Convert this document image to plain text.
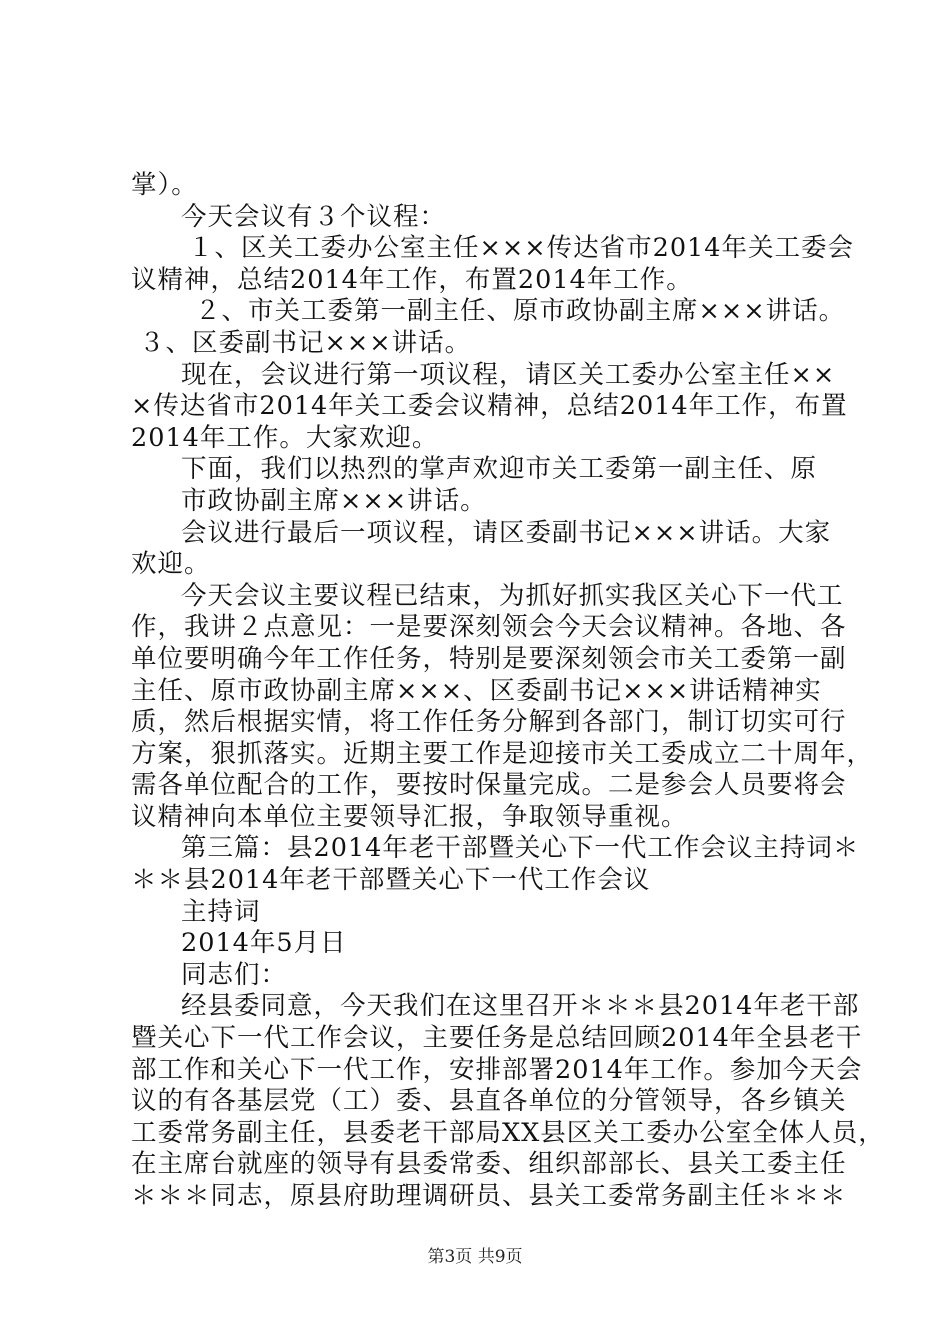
掌）。
今天会议有３个议程：
１、区关工委办公室主任×××传达省市2014年关工委会
议精神，总结2014年工作，布置2014年工作。
２、市关工委第一副主任、原市政协副主席×××讲话。
３、区委副书记×××讲话。
现在，会议进行第一项议程，请区关工委办公室主任××
×传达省市2014年关工委会议精神，总结2014年工作，布置
2014年工作。大家欢迎。
下面，我们以热烈的掌声欢迎市关工委第一副主任、原
市政协副主席×××讲话。
会议进行最后一项议程，请区委副书记×××讲话。大家
欢迎。
今天会议主要议程已结束，为抓好抓实我区关心下一代工
作，我讲２点意见：一是要深刻领会今天会议精神。各地、各
单位要明确今年工作任务，特别是要深刻领会市关工委第一副
主任、原市政协副主席×××、区委副书记×××讲话精神实
质，然后根据实情，将工作任务分解到各部门，制订切实可行
方案，狠抓落实。近期主要工作是迎接市关工委成立二十周年，
需各单位配合的工作，要按时保量完成。二是参会人员要将会
议精神向本单位主要领导汇报，争取领导重视。
第三篇：县2014年老干部暨关心下一代工作会议主持词＊
＊＊县2014年老干部暨关心下一代工作会议
主持词
2014年5月日
同志们：
经县委同意，今天我们在这里召开＊＊＊县2014年老干部
暨关心下一代工作会议，主要任务是总结回顾2014年全县老干
部工作和关心下一代工作，安排部署2014年工作。参加今天会
议的有各基层党（工）委、县直各单位的分管领导，各乡镇关
工委常务副主任，县委老干部局XX县区关工委办公室全体人员，
在主席台就座的领导有县委常委、组织部部长、县关工委主任
＊＊＊同志，原县府助理调研员、县关工委常务副主任＊＊＊
第3页 共9页
